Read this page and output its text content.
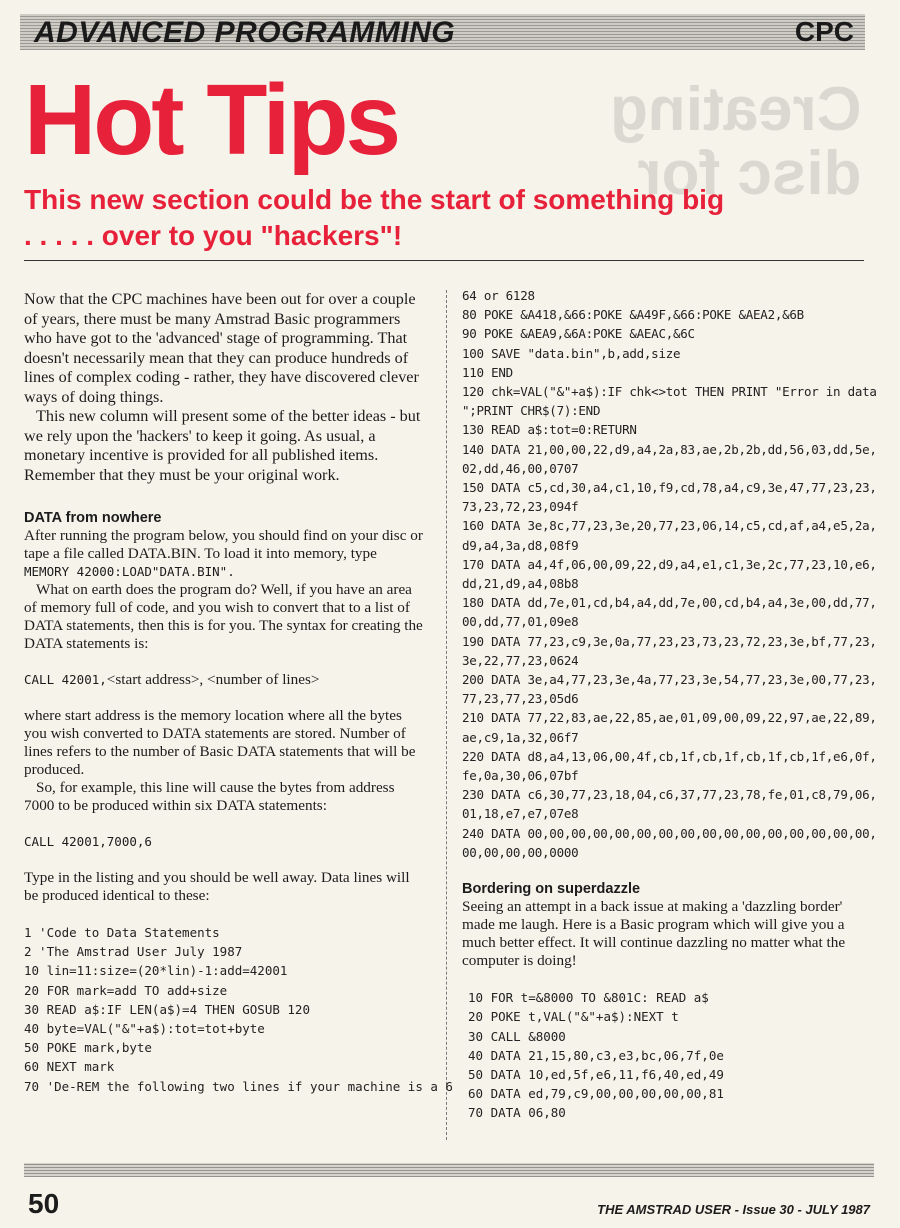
ADVANCED PROGRAMMING	CPC
Creating
disc for
Hot Tips
This new section could be the start of something big
. . . . . over to you "hackers"!

Now that the CPC machines have been out for over a couple of years, there must be many Amstrad Basic programmers who have got to the 'advanced' stage of programming. That doesn't necessarily mean that they can produce hundreds of lines of complex coding - rather, they have discovered clever ways of doing things.

This new column will present some of the better ideas - but we rely upon the 'hackers' to keep it going. As usual, a monetary incentive is provided for all published items. Remember that they must be your original work.

DATA from nowhere

After running the program below, you should find on your disc or tape a file called DATA.BIN. To load it into memory, type MEMORY 42000:LOAD"DATA.BIN".

What on earth does the program do? Well, if you have an area of memory full of code, and you wish to convert that to a list of DATA statements, then this is for you. The syntax for creating the DATA statements is:

CALL 42001,<start address>, <number of lines>

where start address is the memory location where all the bytes you wish converted to DATA statements are stored. Number of lines refers to the number of Basic DATA statements that will be produced.

So, for example, this line will cause the bytes from address 7000 to be produced within six DATA statements:

CALL 42001,7000,6

Type in the listing and you should be well away. Data lines will be produced identical to these:

1 'Code to Data Statements
2 'The Amstrad User July 1987
10 lin=11:size=(20*lin)-1:add=42001
20 FOR mark=add TO add+size
30 READ a$:IF LEN(a$)=4 THEN GOSUB 120
40 byte=VAL("&"+a$):tot=tot+byte
50 POKE mark,byte
60 NEXT mark
70 'De-REM the following two lines if your machine is a 6
64 or 6128
80 POKE &A418,&66:POKE &A49F,&66:POKE &AEA2,&6B
90 POKE &AEA9,&6A:POKE &AEAC,&6C
100 SAVE "data.bin",b,add,size
110 END
120 chk=VAL("&"+a$):IF chk<>tot THEN PRINT "Error in data
";PRINT CHR$(7):END
130 READ a$:tot=0:RETURN
140 DATA 21,00,00,22,d9,a4,2a,83,ae,2b,2b,dd,56,03,dd,5e,
02,dd,46,00,0707
150 DATA c5,cd,30,a4,c1,10,f9,cd,78,a4,c9,3e,47,77,23,23,
73,23,72,23,094f
160 DATA 3e,8c,77,23,3e,20,77,23,06,14,c5,cd,af,a4,e5,2a,
d9,a4,3a,d8,08f9
170 DATA a4,4f,06,00,09,22,d9,a4,e1,c1,3e,2c,77,23,10,e6,
dd,21,d9,a4,08b8
180 DATA dd,7e,01,cd,b4,a4,dd,7e,00,cd,b4,a4,3e,00,dd,77,
00,dd,77,01,09e8
190 DATA 77,23,c9,3e,0a,77,23,23,73,23,72,23,3e,bf,77,23,
3e,22,77,23,0624
200 DATA 3e,a4,77,23,3e,4a,77,23,3e,54,77,23,3e,00,77,23,
77,23,77,23,05d6
210 DATA 77,22,83,ae,22,85,ae,01,09,00,09,22,97,ae,22,89,
ae,c9,1a,32,06f7
220 DATA d8,a4,13,06,00,4f,cb,1f,cb,1f,cb,1f,cb,1f,e6,0f,
fe,0a,30,06,07bf
230 DATA c6,30,77,23,18,04,c6,37,77,23,78,fe,01,c8,79,06,
01,18,e7,e7,07e8
240 DATA 00,00,00,00,00,00,00,00,00,00,00,00,00,00,00,00,
00,00,00,00,0000
Bordering on superdazzle

Seeing an attempt in a back issue at making a 'dazzling border' made me laugh. Here is a Basic program which will give you a much better effect. It will continue dazzling no matter what the computer is doing!

10 FOR t=&8000 TO &801C: READ a$
20 POKE t,VAL("&"+a$):NEXT t
30 CALL &8000
40 DATA 21,15,80,c3,e3,bc,06,7f,0e
50 DATA 10,ed,5f,e6,11,f6,40,ed,49
60 DATA ed,79,c9,00,00,00,00,00,81
70 DATA 06,80
50	THE AMSTRAD USER - Issue 30 - JULY 1987
